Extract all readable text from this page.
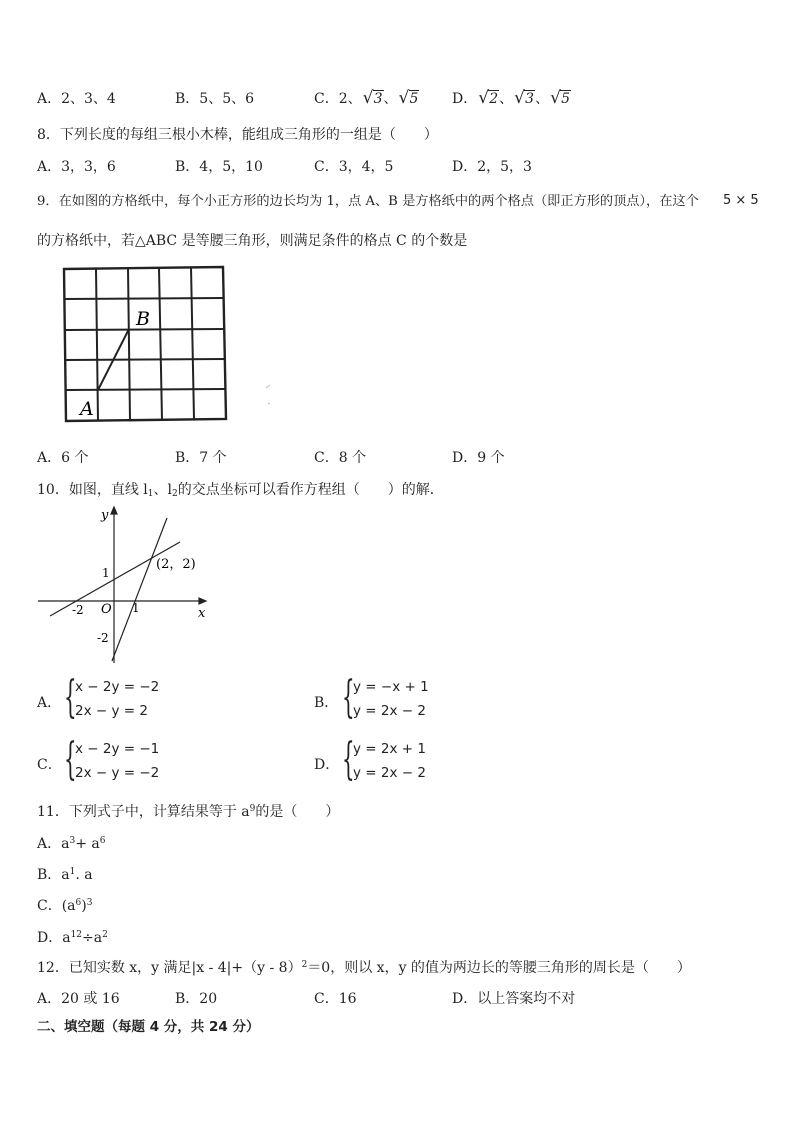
A．2、3、4	B．5、5、6	C．2、 √ 3、 √ 5 D． √ 2、 √ 3、 √ 5
8．下列长度的每组三根小木棒，能组成三角形的一组是（　　）
A．3，3，6	B．4，5，10	C．3，4，5	D．2，5，3
9．在如图的方格纸中，每个小正方形的边长均为 1，点 A、B 是方格纸中的两个格点（即正方形的顶点），在这个 5 × 5
的方格纸中，若△ABC 是等腰三角形，则满足条件的格点 C 的个数是
B
A
A．6 个	B．7 个	C．8 个	D．9 个
10．如图，直线 $l_1$、$l_2$的交点坐标可以看作方程组（　　）的解．
y
x
O
1
-2
-2	1
(2，2)
A． {
x − 2y = −2
2x − y = 2	B． {
y = −x + 1
y = 2x − 2
C． {
x − 2y = −1
2x − y = −2	D． {
y = 2x + 1
y = 2x − 2
11．下列式子中，计算结果等于 $a^9$的是（　　）
A．$a^3+ a^6$
B．$a^1$. a
C．$(a^6)^3$
D．$a^{12}\div a^2$
12．已知实数 x，y 满足|x - 4|+（y - 8）$^2$＝0，则以 x，y 的值为两边长的等腰三角形的周长是（　　）
A．20 或 16	B．20	C．16	D．以上答案均不对
二、填空题（每题 4 分，共 24 分）
